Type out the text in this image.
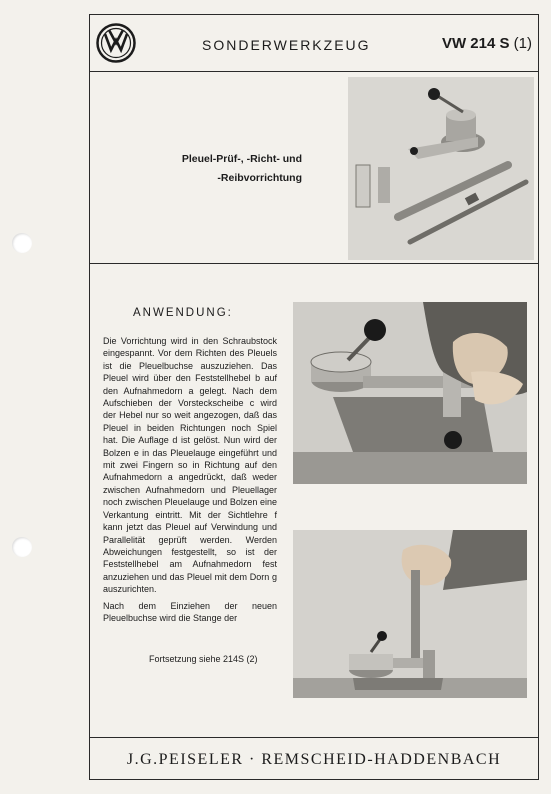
SONDERWERKZEUG	VW 214 S (1)
Pleuel-Prüf-, -Richt- und
-Reibvorrichtung
ANWENDUNG:

Die Vorrichtung wird in den Schraubstock eingespannt. Vor dem Richten des Pleuels ist die Pleuelbuchse auszuziehen. Das Pleuel wird über den Feststellhebel b auf den Aufnahmedorn a gelegt. Nach dem Aufschieben der Vorsteckscheibe c wird der Hebel nur so weit angezogen, daß das Pleuel in beiden Richtungen noch Spiel hat. Die Auflage d ist gelöst. Nun wird der Bolzen e in das Pleuelauge eingeführt und mit zwei Fingern so in Richtung auf den Aufnahmedorn a angedrückt, daß weder zwischen Aufnahmedorn und Pleuellager noch zwischen Pleuelauge und Bolzen eine Verkantung eintritt. Mit der Sichtlehre f kann jetzt das Pleuel auf Verwindung und Parallelität geprüft werden. Werden Abweichungen festgestellt, so ist der Feststellhebel am Aufnahmedorn fest anzuziehen und das Pleuel mit dem Dorn g auszurichten.

Nach dem Einziehen der neuen Pleuelbuchse wird die Stange der

Fortsetzung siehe 214S (2)
J.G.PEISELER · REMSCHEID-HADDENBACH
